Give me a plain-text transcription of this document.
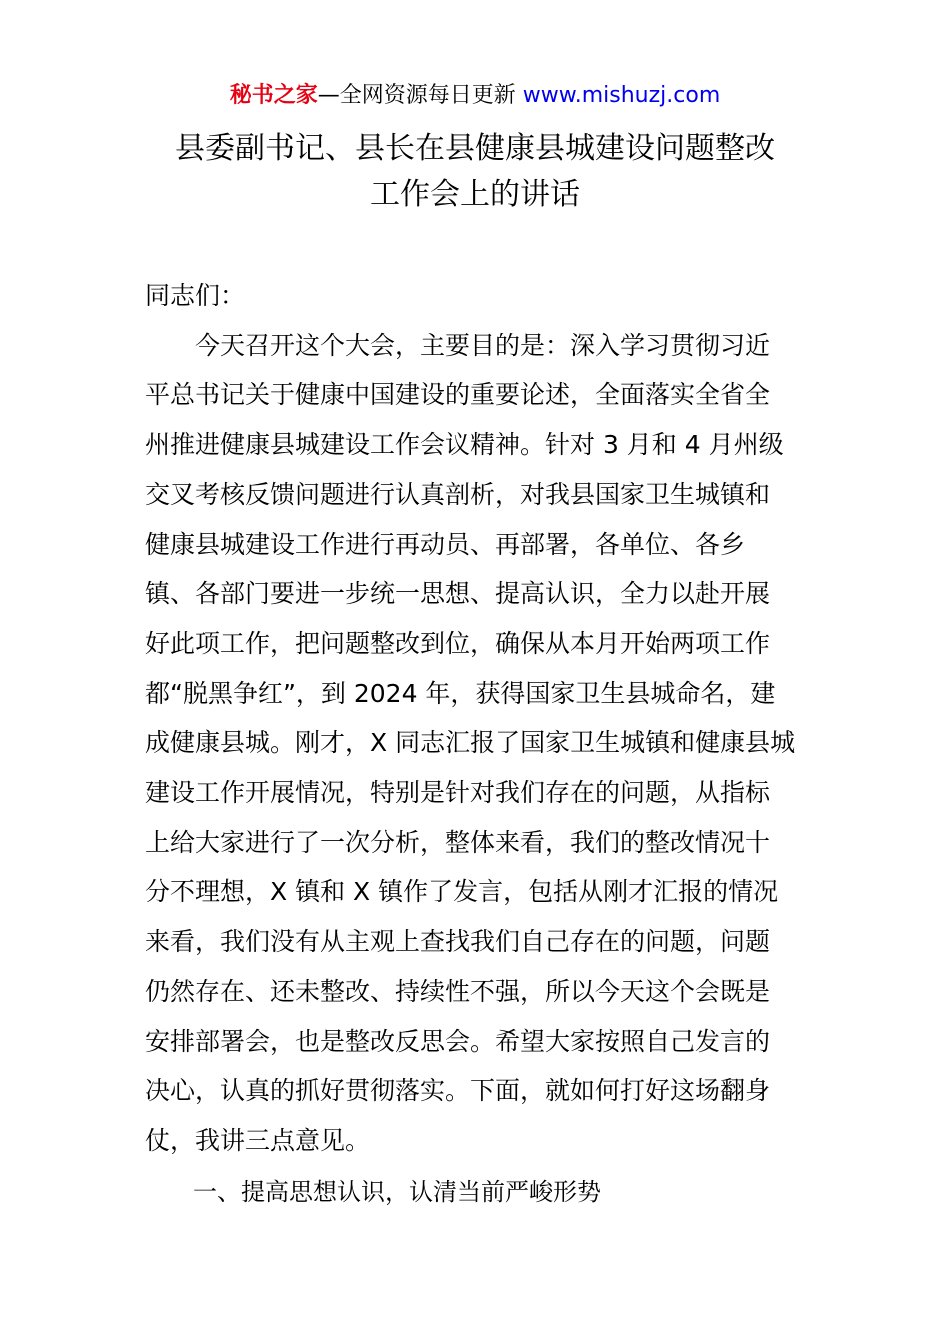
秘书之家—全网资源每日更新 www.mishuzj.com
县委副书记、县长在县健康县城建设问题整改
工作会上的讲话
同志们：
　　今天召开这个大会，主要目的是：深入学习贯彻习近
平总书记关于健康中国建设的重要论述，全面落实全省全
州推进健康县城建设工作会议精神。针对 3 月和 4 月州级
交叉考核反馈问题进行认真剖析，对我县国家卫生城镇和
健康县城建设工作进行再动员、再部署，各单位、各乡
镇、各部门要进一步统一思想、提高认识，全力以赴开展
好此项工作，把问题整改到位，确保从本月开始两项工作
都“脱黑争红”，到 2024 年，获得国家卫生县城命名，建
成健康县城。刚才，X 同志汇报了国家卫生城镇和健康县城
建设工作开展情况，特别是针对我们存在的问题，从指标
上给大家进行了一次分析，整体来看，我们的整改情况十
分不理想，X 镇和 X 镇作了发言，包括从刚才汇报的情况
来看，我们没有从主观上查找我们自己存在的问题，问题
仍然存在、还未整改、持续性不强，所以今天这个会既是
安排部署会，也是整改反思会。希望大家按照自己发言的
决心，认真的抓好贯彻落实。下面，就如何打好这场翻身
仗，我讲三点意见。
一、提高思想认识，认清当前严峻形势
